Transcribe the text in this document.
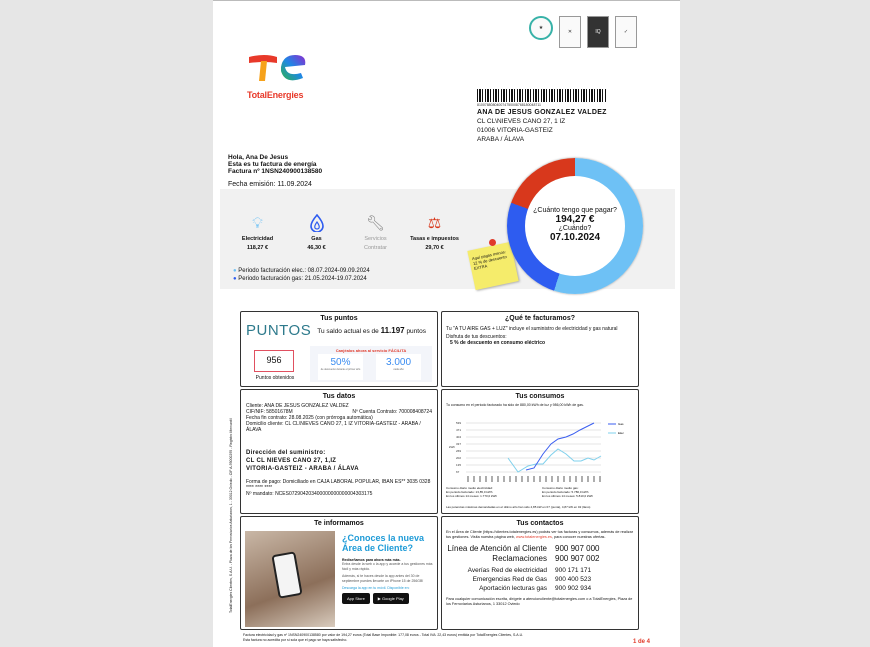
TotalEnergies
★
✕	IQ	✓
810078808040074750008768180048711
ANA DE JESUS GONZALEZ VALDEZ
CL CL\NIEVES CANO 27, 1 IZ
01006 VITORIA-GASTEIZ
ARABA / ÁLAVA
Hola, Ana De Jesus
Esta es tu factura de energía
Factura nº 1NSN240900138580
Fecha emisión: 11.09.2024
💡︎
Electricidad
118,27 €
Gas
46,30 €
🔧︎
Servicios
Contratar
⚖︎
Tasas e impuestos
29,70 €
● Periodo facturación elec.: 08.07.2024-09.09.2024
● Periodo facturación gas: 21.05.2024-19.07.2024
Aquí pagas menos: 12 % de descuento EXTRA
¿Cuánto tengo que pagar?
194,27 €
¿Cuándo?
07.10.2024
TotalEnergies Clientes, S.A.U. - Plaza de los Ferroviarios Asturianos, 1 - 33012 Oviedo - CIF A-95000295 - Registro Mercantil
Tus puntos
PUNTOS Tu saldo actual es de 11.197 puntos
956
Puntos obtenidos
Canjéalos ahora al servicio FÁCILITA
50%
de descuento durante el primer año
3.000
cada año
¿Qué te facturamos?
Tu "A TU AIRE GAS + LUZ" incluye el suministro de electricidad y gas natural
Disfruta de tus descuentos:
5 % de descuento en consumo eléctrico
Tus datos
Cliente: ANA DE JESUS GONZALEZ VALDEZ
CIF/NIF: 58501678M	Nº Cuenta Contrato: 700008408724
Fecha fin contrato: 28.08.2025 (con prórroga automática)
Domicilio cliente: CL CL\NIEVES CANO 27, 1 IZ VITORIA-GASTEIZ - ARABA / ÁLAVA
Dirección del suministro:
CL CL NIEVES CANO 27, 1,IZ
VITORIA-GASTEIZ - ARABA / ÁLAVA
Forma de pago: Domiciliado en CAJA LABORAL POPULAR, IBAN ES** 3035 0328 **** **** ****
Nº mandato: NCES072904203400000000000004303175
Tus consumos
Tu consumo en el periodo facturado ha sido de 880,00 kWh de luz y 986,00 kWh de gas.
539
471
404
337
269
202
135
67
kWh
Gas
Elec
Consumo diario medio electricidad:
En periodo facturado: 13,85,0 kWh
En los últimos 14 meses: 1.770,0 kWh
Consumo diario medio gas:
En periodo facturado: 5.780,0 kWh
En los últimos 14 meses: 5.810,0 kWh
Las potencias máximas demandadas en el último año han sido 4,85 kW en 07 (punta), 4,87 kW en 02 (llano)
Te informamos
¿Conoces la nueva Área de Cliente?
Rediseñamos para ahora más más.
Entra desde la web o la app y accede a tus gestiones más fácil y más rápido.
Además, si te haces desde la app antes del 30 de septiembre puedes llevarte un iPhone 15 de 256GB!
Descarga la app en tu móvil. Disponible en:
App Store	▶ Google Play
Tus contactos
En el Área de Cliente (https://clientes.totalenergies.es) podrás ver tus facturas y consumos, además de realizar tus gestiones. Visita nuestra página web, www.totalenergies.es, para conocer nuestras ofertas.
Línea de Atención al Cliente	900 907 000
Reclamaciones	900 907 002
Averías Red de electricidad	900 171 171
Emergencias Red de Gas	900 400 523
Aportación lecturas gas	900 902 934
Para cualquier comunicación escrita, dirígete a atencioncliente@totalenergies.com o a TotalEnergies, Plaza de los Ferroviarios Asturianos, 1 33012 Oviedo
Factura electricidad y gas nº 1NSN240900138580 por valor de 194,27 euros (Total Base Imponible: 177,08 euros - Total IVA: 22,43 euros) emitida por TotalEnergies Clientes, S.A.U.
Esta factura no acredita por sí sola que el pago se haya satisfecho.	1 de 4
